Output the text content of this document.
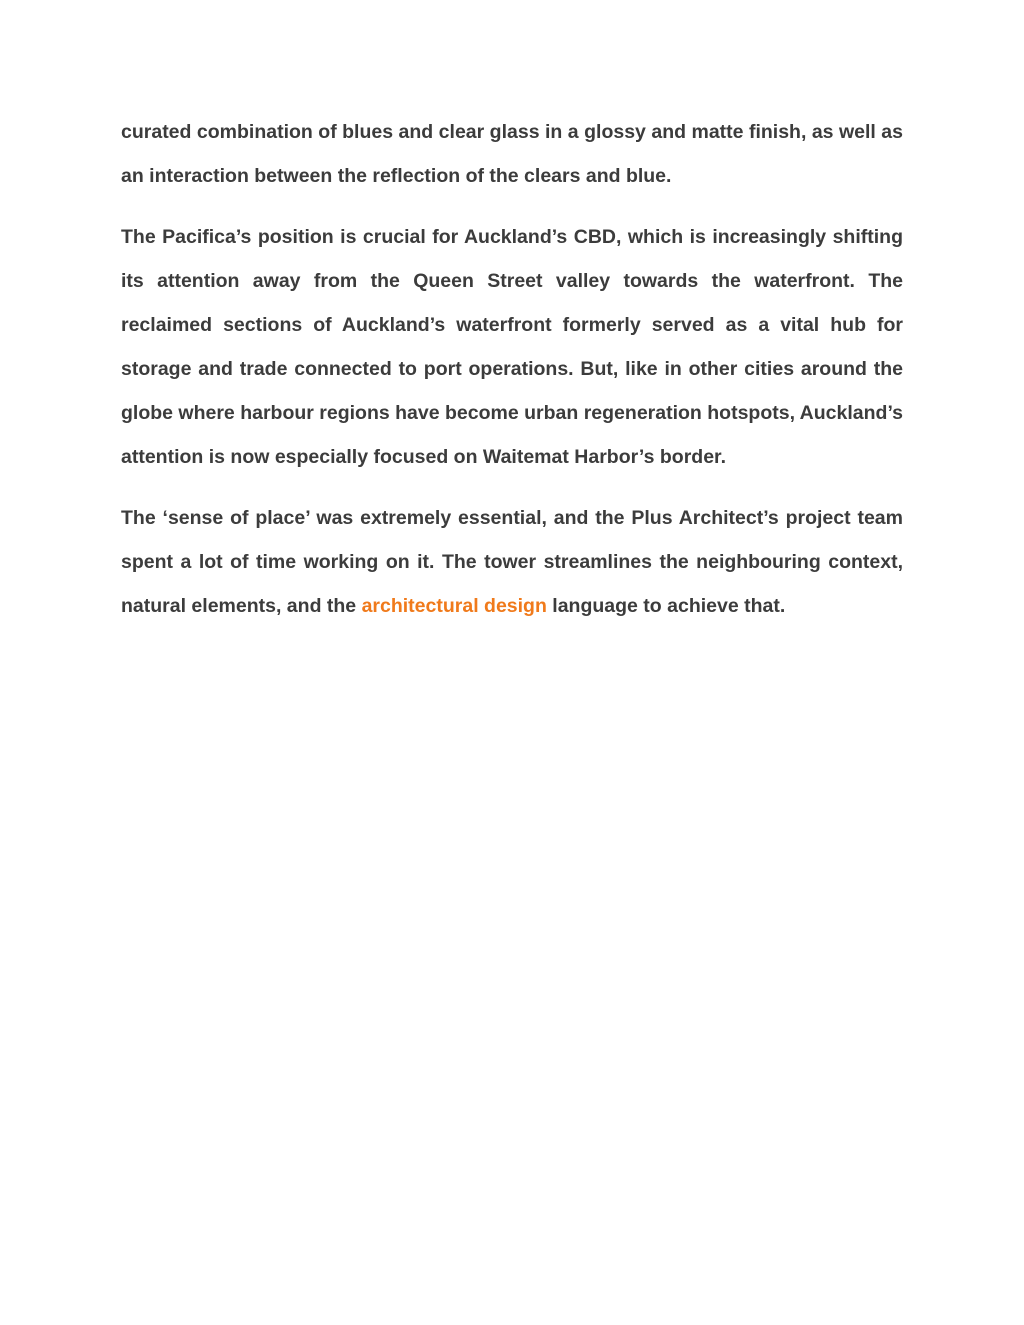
curated combination of blues and clear glass in a glossy and matte finish, as well as an interaction between the reflection of the clears and blue.

The Pacifica’s position is crucial for Auckland’s CBD, which is increasingly shifting its attention away from the Queen Street valley towards the waterfront. The reclaimed sections of Auckland’s waterfront formerly served as a vital hub for storage and trade connected to port operations. But, like in other cities around the globe where harbour regions have become urban regeneration hotspots, Auckland’s attention is now especially focused on Waitemat Harbor’s border.

The ‘sense of place’ was extremely essential, and the Plus Architect’s project team spent a lot of time working on it. The tower streamlines the neighbouring context, natural elements, and the architectural design language to achieve that.
